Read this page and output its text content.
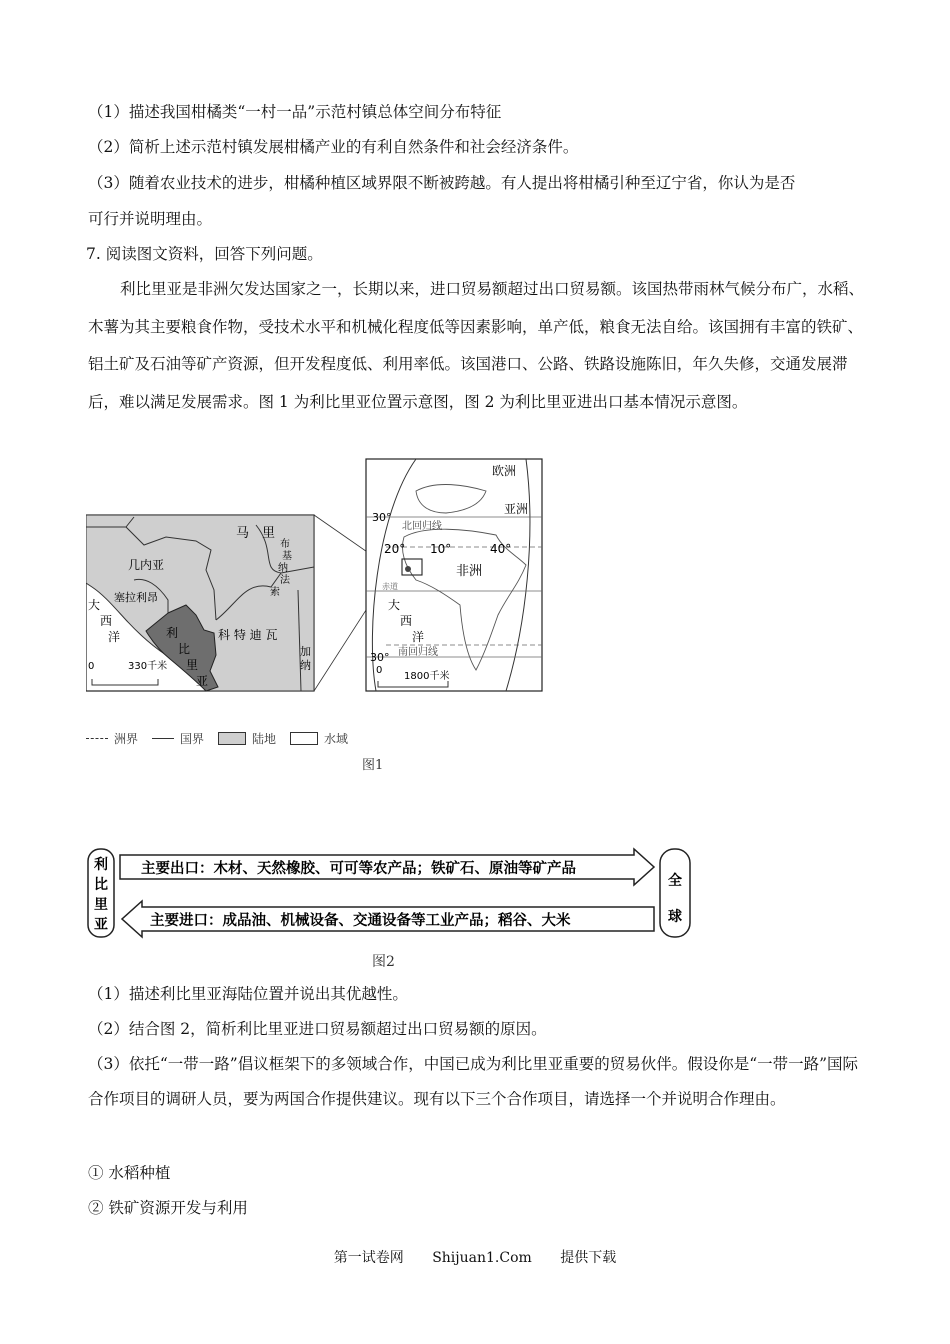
（1）描述我国柑橘类“一村一品”示范村镇总体空间分布特征
（2）简析上述示范村镇发展柑橘产业的有利自然条件和社会经济条件。
（3）随着农业技术的进步，柑橘种植区域界限不断被跨越。有人提出将柑橘引种至辽宁省，你认为是否
可行并说明理由。
7. 阅读图文资料，回答下列问题。
利比里亚是非洲欠发达国家之一，长期以来，进口贸易额超过出口贸易额。该国热带雨林气候分布广，水稻、木薯为其主要粮食作物，受技术水平和机械化程度低等因素影响，单产低，粮食无法自给。该国拥有丰富的铁矿、铝土矿及石油等矿产资源，但开发程度低、利用率低。该国港口、公路、铁路设施陈旧，年久失修，交通发展滞后，难以满足发展需求。图 1 为利比里亚位置示意图，图 2 为利比里亚进出口基本情况示意图。
马　里
几内亚
塞拉利昂
大
西
洋	利
比
里
亚
科 特 迪 瓦
加
纳
布
基
纳
法
索
0	330千米
欧洲
亚洲
非洲
30°
北回归线
20° 10°	40°
赤道
大
西
洋
南回归线
30°
0
1800千米
洲界	国界	陆地	水域
图1
利
比
里
亚
全
球
主要出口：木材、天然橡胶、可可等农产品；铁矿石、原油等矿产品
主要进口：成品油、机械设备、交通设备等工业产品；稻谷、大米
图2
（1）描述利比里亚海陆位置并说出其优越性。
（2）结合图 2，简析利比里亚进口贸易额超过出口贸易额的原因。
（3）依托“一带一路”倡议框架下的多领域合作，中国已成为利比里亚重要的贸易伙伴。假设你是“一带一路”国际合作项目的调研人员，要为两国合作提供建议。现有以下三个合作项目，请选择一个并说明合作理由。
① 水稻种植
② 铁矿资源开发与利用
第一试卷网 Shijuan1.Com 提供下载
